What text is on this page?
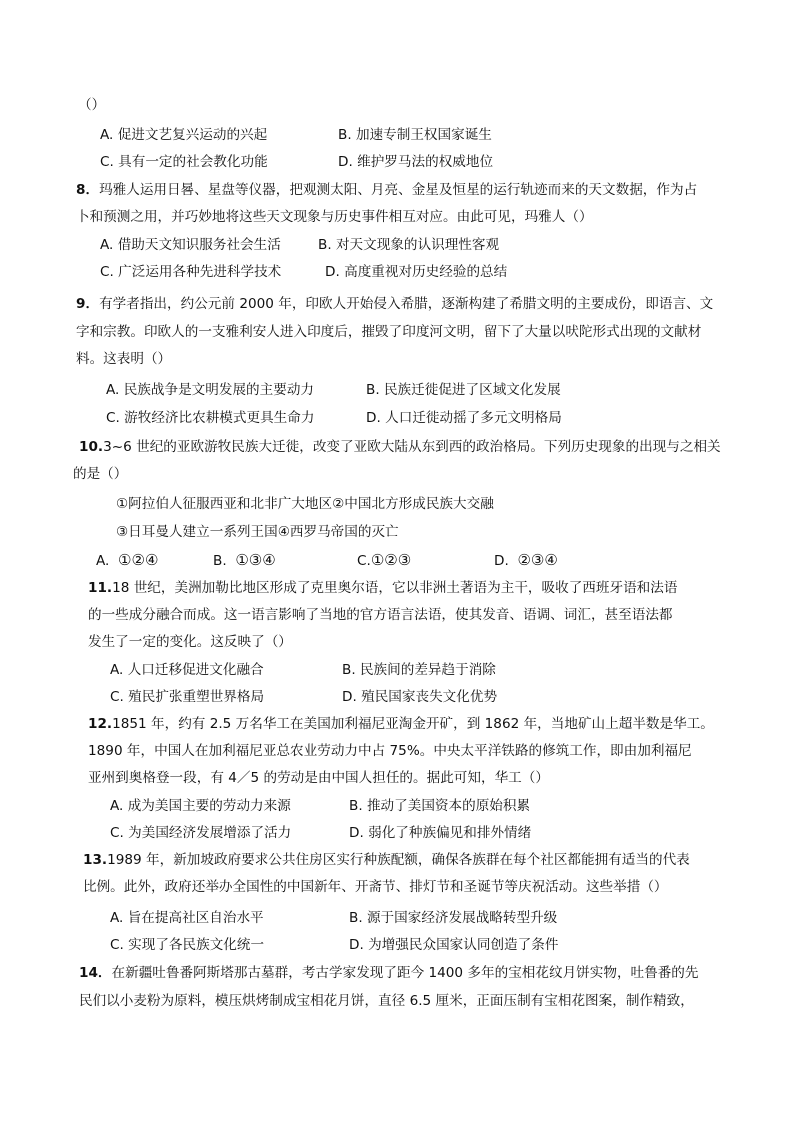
（）
A. 促进文艺复兴运动的兴起	B. 加速专制王权国家诞生
C. 具有一定的社会教化功能	D. 维护罗马法的权威地位
8．玛雅人运用日晷、星盘等仪器，把观测太阳、月亮、金星及恒星的运行轨迹而来的天文数据，作为占
卜和预测之用，并巧妙地将这些天文现象与历史事件相互对应。由此可见，玛雅人（）
A. 借助天文知识服务社会生活	B. 对天文现象的认识理性客观
C. 广泛运用各种先进科学技术	D. 高度重视对历史经验的总结
9．有学者指出，约公元前 2000 年，印欧人开始侵入希腊，逐渐构建了希腊文明的主要成份，即语言、文
字和宗教。印欧人的一支雅利安人进入印度后，摧毁了印度河文明，留下了大量以吠陀形式出现的文献材
料。这表明（）
A. 民族战争是文明发展的主要动力	B. 民族迁徙促进了区域文化发展
C. 游牧经济比农耕模式更具生命力	D. 人口迁徙动摇了多元文明格局
10.3~6 世纪的亚欧游牧民族大迁徙，改变了亚欧大陆从东到西的政治格局。下列历史现象的出现与之相关
的是（）
①阿拉伯人征服西亚和北非广大地区②中国北方形成民族大交融
③日耳曼人建立一系列王国④西罗马帝国的灭亡
A. ①②④	B. ①③④	C.①②③	D. ②③④
11.18 世纪，美洲加勒比地区形成了克里奥尔语，它以非洲土著语为主干，吸收了西班牙语和法语
的一些成分融合而成。这一语言影响了当地的官方语言法语，使其发音、语调、词汇，甚至语法都
发生了一定的变化。这反映了（）
A. 人口迁移促进文化融合	B. 民族间的差异趋于消除
C. 殖民扩张重塑世界格局	D. 殖民国家丧失文化优势
12.1851 年，约有 2.5 万名华工在美国加利福尼亚淘金开矿，到 1862 年，当地矿山上超半数是华工。
1890 年，中国人在加利福尼亚总农业劳动力中占 75%。中央太平洋铁路的修筑工作，即由加利福尼
亚州到奥格登一段，有 4／5 的劳动是由中国人担任的。据此可知，华工（）
A. 成为美国主要的劳动力来源	B. 推动了美国资本的原始积累
C. 为美国经济发展增添了活力	D. 弱化了种族偏见和排外情绪
13.1989 年，新加坡政府要求公共住房区实行种族配额，确保各族群在每个社区都能拥有适当的代表
比例。此外，政府还举办全国性的中国新年、开斋节、排灯节和圣诞节等庆祝活动。这些举措（）
A. 旨在提高社区自治水平	B. 源于国家经济发展战略转型升级
C. 实现了各民族文化统一	D. 为增强民众国家认同创造了条件
14．在新疆吐鲁番阿斯塔那古墓群，考古学家发现了距今 1400 多年的宝相花纹月饼实物，吐鲁番的先
民们以小麦粉为原料，模压烘烤制成宝相花月饼，直径 6.5 厘米，正面压制有宝相花图案，制作精致，
